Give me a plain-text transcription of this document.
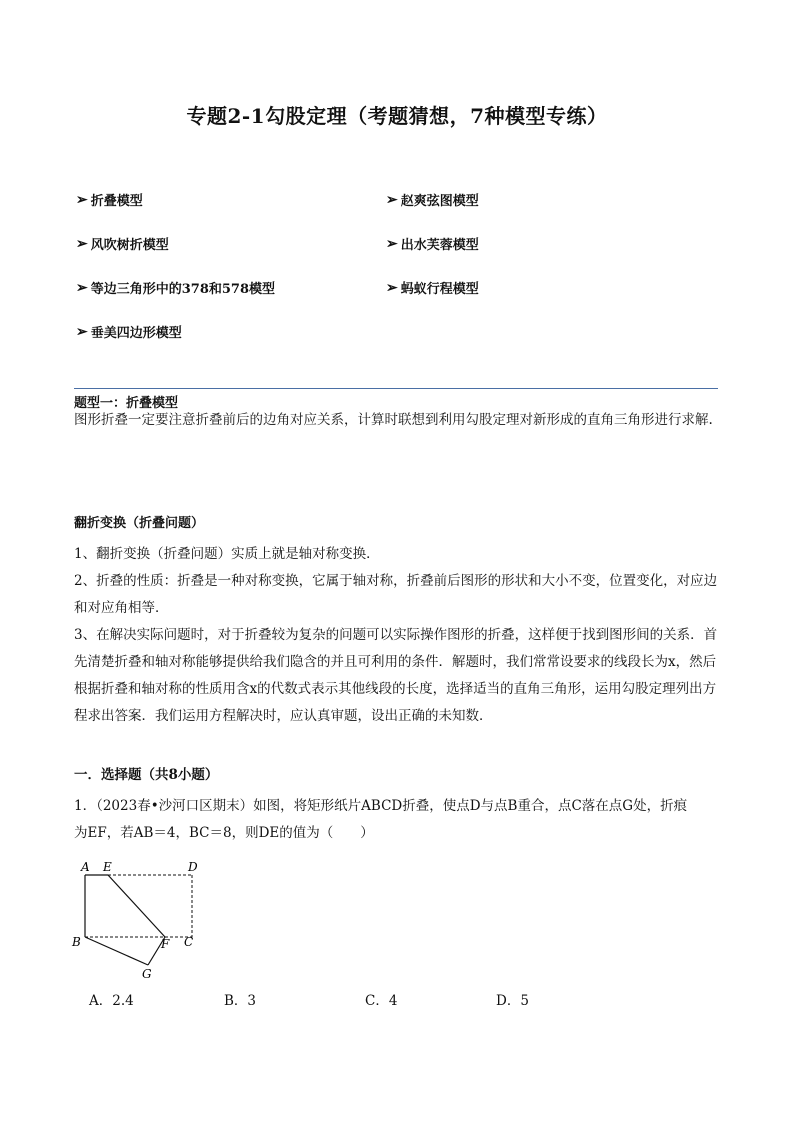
专题2-1勾股定理（考题猜想，7种模型专练）
➢ 折叠模型	➢ 赵爽弦图模型
➢ 风吹树折模型	➢ 出水芙蓉模型
➢ 等边三角形中的378和578模型	➢ 蚂蚁行程模型
➢ 垂美四边形模型
题型一：折叠模型
图形折叠一定要注意折叠前后的边角对应关系，计算时联想到利用勾股定理对新形成的直角三角形进行求解.
翻折变换（折叠问题）

1、翻折变换（折叠问题）实质上就是轴对称变换．

2、折叠的性质：折叠是一种对称变换，它属于轴对称，折叠前后图形的形状和大小不变，位置变化，对应边和对应角相等．

3、在解决实际问题时，对于折叠较为复杂的问题可以实际操作图形的折叠，这样便于找到图形间的关系．首先清楚折叠和轴对称能够提供给我们隐含的并且可利用的条件．解题时，我们常常设要求的线段长为x，然后根据折叠和轴对称的性质用含x的代数式表示其他线段的长度，选择适当的直角三角形，运用勾股定理列出方程求出答案．我们运用方程解决时，应认真审题，设出正确的未知数．

一．选择题（共8小题）

1．（2023春•沙河口区期末）如图，将矩形纸片ABCD折叠，使点D与点B重合，点C落在点G处，折痕

为EF，若AB＝4，BC＝8，则DE的值为（　　）

A E	D
B	F C
G
A．2.4	B．3	C．4	D．5
